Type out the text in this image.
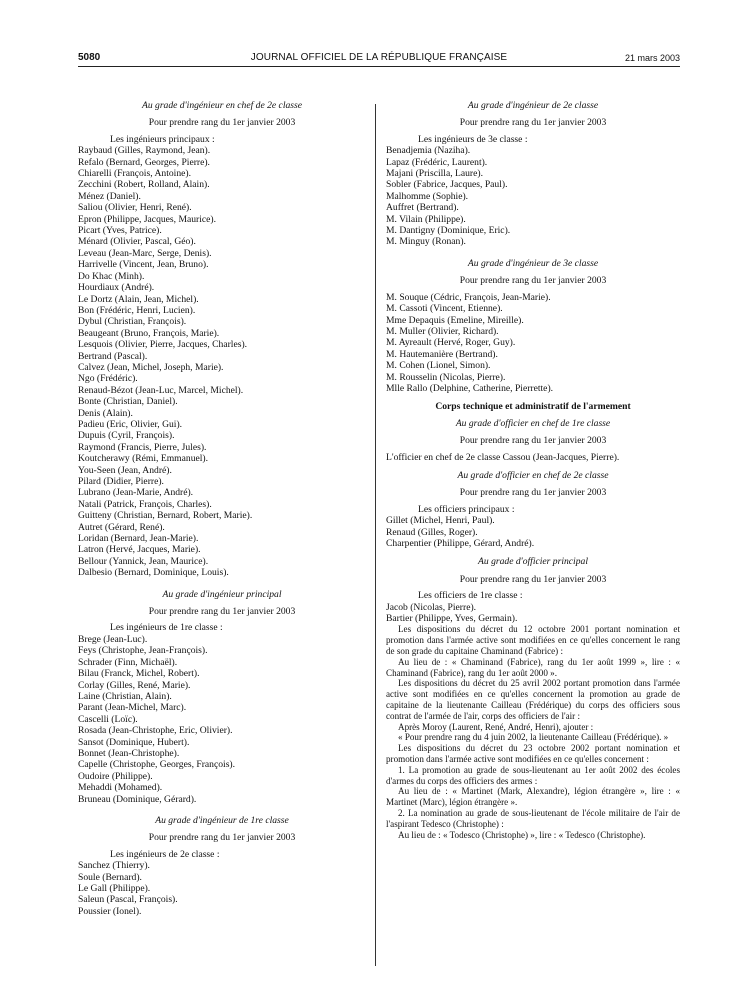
5080	JOURNAL OFFICIEL DE LA RÉPUBLIQUE FRANÇAISE	21 mars 2003
Au grade d'ingénieur en chef de 2e classe
Pour prendre rang du 1er janvier 2003
Les ingénieurs principaux :
Raybaud (Gilles, Raymond, Jean).
Refalo (Bernard, Georges, Pierre).
Chiarelli (François, Antoine).
Zecchini (Robert, Rolland, Alain).
Ménez (Daniel).
Saliou (Olivier, Henri, René).
Epron (Philippe, Jacques, Maurice).
Picart (Yves, Patrice).
Ménard (Olivier, Pascal, Géo).
Leveau (Jean-Marc, Serge, Denis).
Harrivelle (Vincent, Jean, Bruno).
Do Khac (Minh).
Hourdiaux (André).
Le Dortz (Alain, Jean, Michel).
Bon (Frédéric, Henri, Lucien).
Dybul (Christian, François).
Beaugeant (Bruno, François, Marie).
Lesquois (Olivier, Pierre, Jacques, Charles).
Bertrand (Pascal).
Calvez (Jean, Michel, Joseph, Marie).
Ngo (Frédéric).
Renaud-Bézot (Jean-Luc, Marcel, Michel).
Bonte (Christian, Daniel).
Denis (Alain).
Padieu (Eric, Olivier, Gui).
Dupuis (Cyril, François).
Raymond (Francis, Pierre, Jules).
Koutcherawy (Rémi, Emmanuel).
You-Seen (Jean, André).
Pilard (Didier, Pierre).
Lubrano (Jean-Marie, André).
Natali (Patrick, François, Charles).
Guitteny (Christian, Bernard, Robert, Marie).
Autret (Gérard, René).
Loridan (Bernard, Jean-Marie).
Latron (Hervé, Jacques, Marie).
Bellour (Yannick, Jean, Maurice).
Dalbesio (Bernard, Dominique, Louis).
Au grade d'ingénieur principal
Pour prendre rang du 1er janvier 2003
Les ingénieurs de 1re classe :
Brege (Jean-Luc).
Feys (Christophe, Jean-François).
Schrader (Finn, Michaël).
Bilau (Franck, Michel, Robert).
Corlay (Gilles, René, Marie).
Laine (Christian, Alain).
Parant (Jean-Michel, Marc).
Cascelli (Loïc).
Rosada (Jean-Christophe, Eric, Olivier).
Sansot (Dominique, Hubert).
Bonnet (Jean-Christophe).
Capelle (Christophe, Georges, François).
Oudoire (Philippe).
Mehaddi (Mohamed).
Bruneau (Dominique, Gérard).
Au grade d'ingénieur de 1re classe
Pour prendre rang du 1er janvier 2003
Les ingénieurs de 2e classe :
Sanchez (Thierry).
Soule (Bernard).
Le Gall (Philippe).
Saleun (Pascal, François).
Poussier (Ionel).
Au grade d'ingénieur de 2e classe
Pour prendre rang du 1er janvier 2003
Les ingénieurs de 3e classe :
Benadjemia (Naziha).
Lapaz (Frédéric, Laurent).
Majani (Priscilla, Laure).
Sobler (Fabrice, Jacques, Paul).
Malhomme (Sophie).
Auffret (Bertrand).
M. Vilain (Philippe).
M. Dantigny (Dominique, Eric).
M. Minguy (Ronan).
Au grade d'ingénieur de 3e classe
Pour prendre rang du 1er janvier 2003
M. Souque (Cédric, François, Jean-Marie).
M. Cassoti (Vincent, Etienne).
Mme Depaquis (Emeline, Mireille).
M. Muller (Olivier, Richard).
M. Ayreault (Hervé, Roger, Guy).
M. Hautemanière (Bertrand).
M. Cohen (Lionel, Simon).
M. Rousselin (Nicolas, Pierre).
Mlle Rallo (Delphine, Catherine, Pierrette).
Corps technique et administratif de l'armement
Au grade d'officier en chef de 1re classe
Pour prendre rang du 1er janvier 2003
L'officier en chef de 2e classe Cassou (Jean-Jacques, Pierre).
Au grade d'officier en chef de 2e classe
Pour prendre rang du 1er janvier 2003
Les officiers principaux :
Gillet (Michel, Henri, Paul).
Renaud (Gilles, Roger).
Charpentier (Philippe, Gérard, André).
Au grade d'officier principal
Pour prendre rang du 1er janvier 2003
Les officiers de 1re classe :
Jacob (Nicolas, Pierre).
Bartier (Philippe, Yves, Germain).
Les dispositions du décret du 12 octobre 2001 portant nomination et promotion dans l'armée active sont modifiées en ce qu'elles concernent le rang de son grade du capitaine Chaminand (Fabrice) :
Au lieu de : « Chaminand (Fabrice), rang du 1er août 1999 », lire : « Chaminand (Fabrice), rang du 1er août 2000 ».
Les dispositions du décret du 25 avril 2002 portant promotion dans l'armée active sont modifiées en ce qu'elles concernent la promotion au grade de capitaine de la lieutenante Cailleau (Frédérique) du corps des officiers sous contrat de l'armée de l'air, corps des officiers de l'air :
Après Moroy (Laurent, René, André, Henri), ajouter :
« Pour prendre rang du 4 juin 2002, la lieutenante Cailleau (Frédérique). »
Les dispositions du décret du 23 octobre 2002 portant nomination et promotion dans l'armée active sont modifiées en ce qu'elles concernent :
1. La promotion au grade de sous-lieutenant au 1er août 2002 des écoles d'armes du corps des officiers des armes :
Au lieu de : « Martinet (Mark, Alexandre), légion étrangère », lire : « Martinet (Marc), légion étrangère ».
2. La nomination au grade de sous-lieutenant de l'école militaire de l'air de l'aspirant Tedesco (Christophe) :
Au lieu de : « Todesco (Christophe) », lire : « Tedesco (Christophe).
